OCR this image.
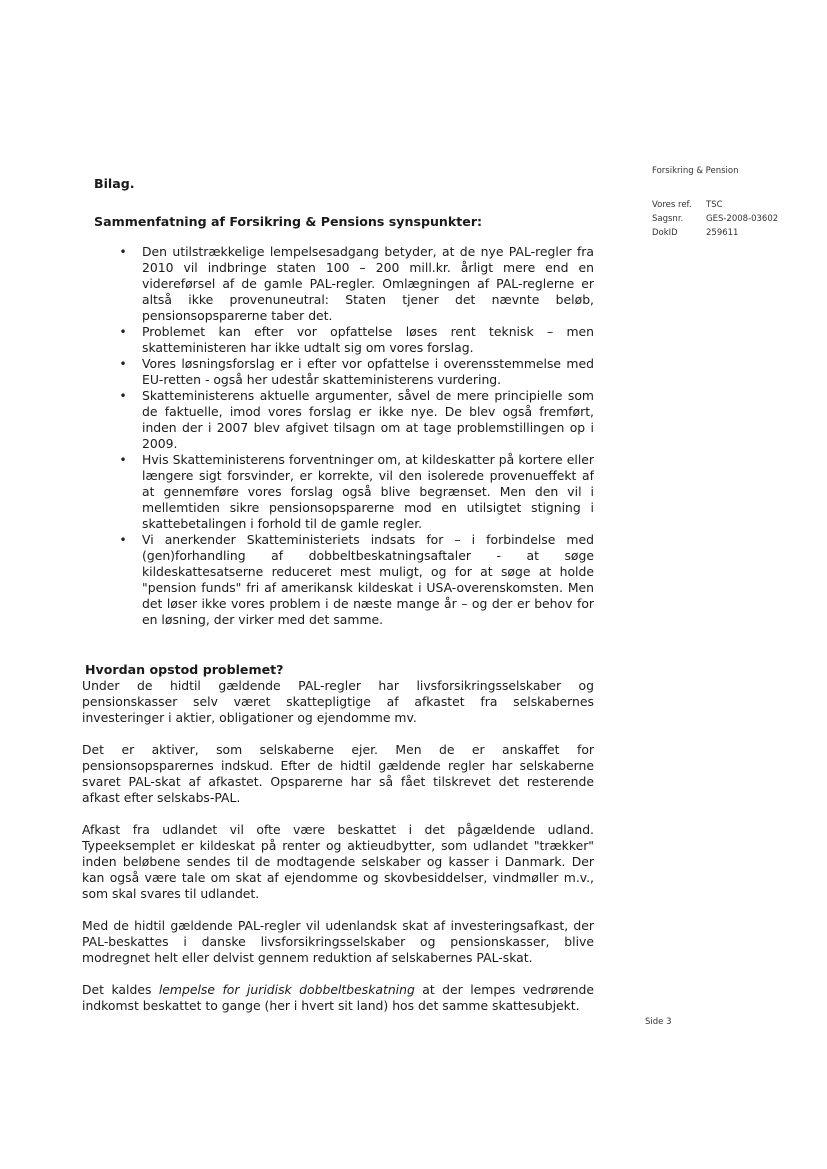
Forsikring & Pension
Vores ref.	TSC
Sagsnr.	GES-2008-03602
DokID	259611
Side 3
Bilag.
Sammenfatning af Forsikring & Pensions synspunkter:
• Den utilstrækkelige lempelsesadgang betyder, at de nye PAL-regler fra 2010 vil indbringe staten 100 – 200 mill.kr. årligt mere end en videreførsel af de gamle PAL-regler. Omlægningen af PAL-reglerne er altså ikke provenuneutral: Staten tjener det nævnte beløb, pensionsopsparerne taber det.
• Problemet kan efter vor opfattelse løses rent teknisk – men skatteministeren har ikke udtalt sig om vores forslag.
• Vores løsningsforslag er i efter vor opfattelse i overensstemmelse med EU-retten - også her udestår skatteministerens vurdering.
• Skatteministerens aktuelle argumenter, såvel de mere principielle som de faktuelle, imod vores forslag er ikke nye. De blev også fremført, inden der i 2007 blev afgivet tilsagn om at tage problemstillingen op i 2009.
• Hvis Skatteministerens forventninger om, at kildeskatter på kortere eller længere sigt forsvinder, er korrekte, vil den isolerede provenueffekt af at gennemføre vores forslag også blive begrænset. Men den vil i mellemtiden sikre pensionsopsparerne mod en utilsigtet stigning i skattebetalingen i forhold til de gamle regler.
• Vi anerkender Skatteministeriets indsats for – i forbindelse med (gen)forhandling af dobbeltbeskatningsaftaler - at søge kildeskattesatserne reduceret mest muligt, og for at søge at holde "pension funds" fri af amerikansk kildeskat i USA-overenskomsten. Men det løser ikke vores problem i de næste mange år – og der er behov for en løsning, der virker med det samme.
Hvordan opstod problemet?

Under de hidtil gældende PAL-regler har livsforsikringsselskaber og pensionskasser selv været skattepligtige af afkastet fra selskabernes investeringer i aktier, obligationer og ejendomme mv.

Det er aktiver, som selskaberne ejer. Men de er anskaffet for pensionsopsparernes indskud. Efter de hidtil gældende regler har selskaberne svaret PAL-skat af afkastet. Opsparerne har så fået tilskrevet det resterende afkast efter selskabs-PAL.

Afkast fra udlandet vil ofte være beskattet i det pågældende udland. Typeeksemplet er kildeskat på renter og aktieudbytter, som udlandet "trækker" inden beløbene sendes til de modtagende selskaber og kasser i Danmark. Der kan også være tale om skat af ejendomme og skovbesiddelser, vindmøller m.v., som skal svares til udlandet.

Med de hidtil gældende PAL-regler vil udenlandsk skat af investeringsafkast, der PAL-beskattes i danske livsforsikringsselskaber og pensionskasser, blive modregnet helt eller delvist gennem reduktion af selskabernes PAL-skat.

Det kaldes lempelse for juridisk dobbeltbeskatning at der lempes vedrørende indkomst beskattet to gange (her i hvert sit land) hos det samme skattesubjekt.
